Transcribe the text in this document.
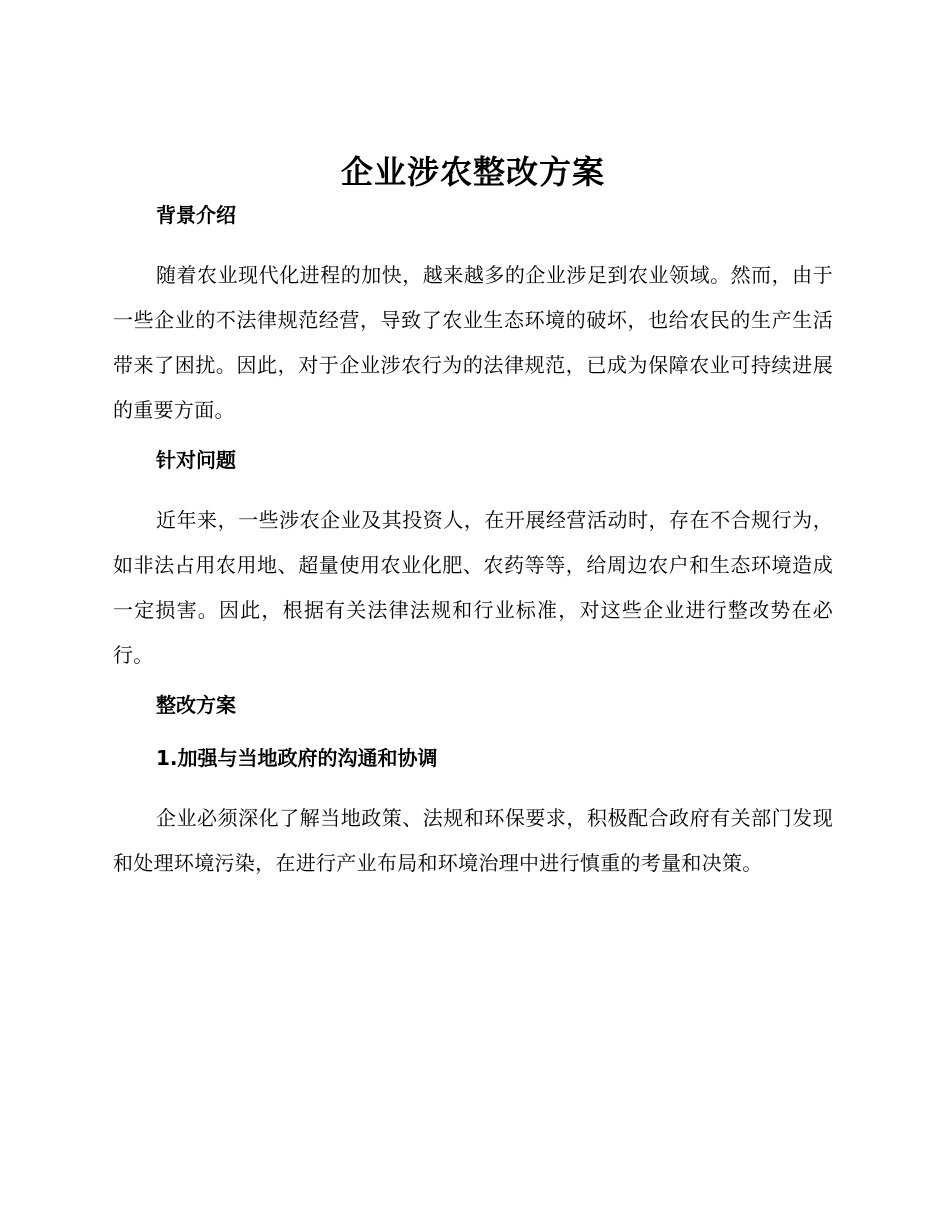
企业涉农整改方案
背景介绍

随着农业现代化进程的加快，越来越多的企业涉足到农业领域。然而，由于一些企业的不法律规范经营，导致了农业生态环境的破坏，也给农民的生产生活带来了困扰。因此，对于企业涉农行为的法律规范，已成为保障农业可持续进展的重要方面。

针对问题

近年来，一些涉农企业及其投资人，在开展经营活动时，存在不合规行为，如非法占用农用地、超量使用农业化肥、农药等等，给周边农户和生态环境造成一定损害。因此，根据有关法律法规和行业标准，对这些企业进行整改势在必行。

整改方案
1.加强与当地政府的沟通和协调

企业必须深化了解当地政策、法规和环保要求，积极配合政府有关部门发现和处理环境污染，在进行产业布局和环境治理中进行慎重的考量和决策。
